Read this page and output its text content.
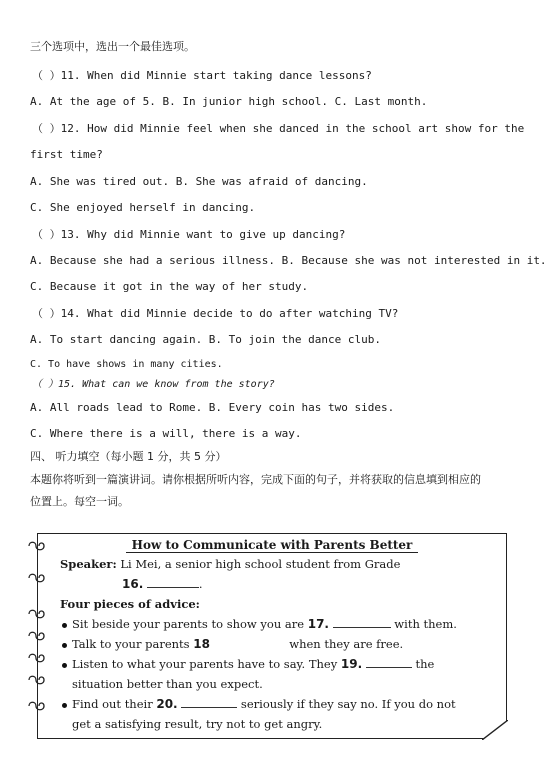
三个选项中，选出一个最佳选项。
（ ）11. When did Minnie start taking dance lessons?
A. At the age of 5. B. In junior high school. C. Last month.
（ ）12. How did Minnie feel when she danced in the school art show for the
first time?
A. She was tired out. B. She was afraid of dancing.
C. She enjoyed herself in dancing.
（ ）13. Why did Minnie want to give up dancing?
A. Because she had a serious illness. B. Because she was not interested in it.
C. Because it got in the way of her study.
（ ）14. What did Minnie decide to do after watching TV?
A. To start dancing again. B. To join the dance club.
C. To have shows in many cities.
（ ）15. What can we know from the story?
A. All roads lead to Rome. B. Every coin has two sides.
C. Where there is a will, there is a way.
四、 听力填空（每小题 1 分，共 5 分）
本题你将听到一篇演讲词。请你根据所听内容，完成下面的句子，并将获取的信息填到相应的
位置上。每空一词。
How to Communicate with Parents Better
Speaker: Li Mei, a senior high school student from Grade
16.	.
Four pieces of advice:
Sit beside your parents to show you are 17.	with them.
Talk to your parents 18	when they are free.
Listen to what your parents have to say. They 19.	the
situation better than you expect.
Find out their 20.	seriously if they say no. If you do not
get a satisfying result, try not to get angry.
